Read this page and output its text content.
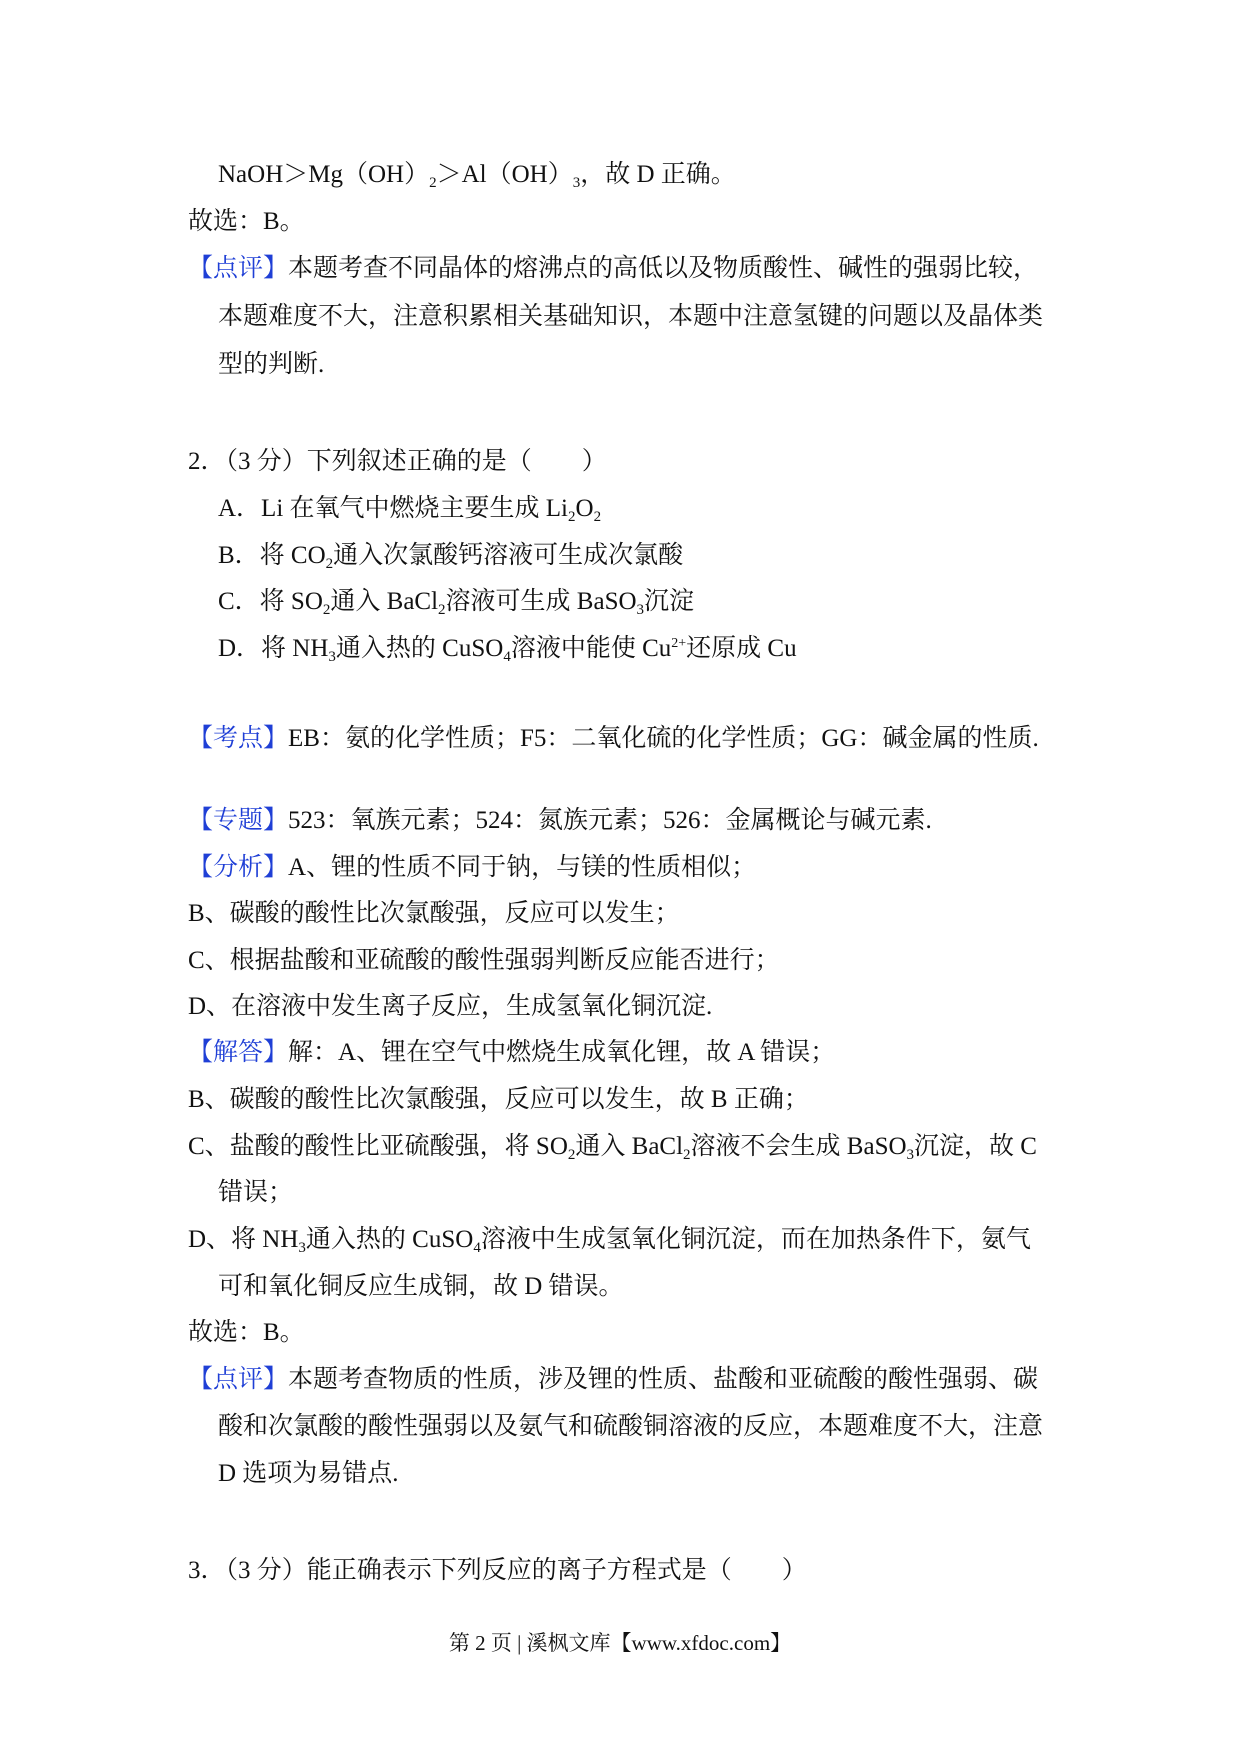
$NaOH>Mg(OH)_2>Al(OH)_3$，故 D 正确。
故选：B。
【点评】本题考查不同晶体的熔沸点的高低以及物质酸性、碱性的强弱比较，
本题难度不大，注意积累相关基础知识，本题中注意氢键的问题以及晶体类
型的判断.
2．（3 分）下列叙述正确的是（　　）
A．Li 在氧气中燃烧主要生成 $Li_2O_2$
B．将 $CO_2$通入次氯酸钙溶液可生成次氯酸
C．将 $SO_2$通入 BaCl$_2$溶液可生成 BaSO$_3$沉淀
D．将 $NH_3$通入热的 CuSO$_4$溶液中能使 $Cu^{2+}$还原成 Cu
【考点】EB：氨的化学性质；F5：二氧化硫的化学性质；GG：碱金属的性质.
【专题】523：氧族元素；524：氮族元素；526：金属概论与碱元素.
【分析】A、锂的性质不同于钠，与镁的性质相似；
B、碳酸的酸性比次氯酸强，反应可以发生；
C、根据盐酸和亚硫酸的酸性强弱判断反应能否进行；
D、在溶液中发生离子反应，生成氢氧化铜沉淀.
【解答】解：A、锂在空气中燃烧生成氧化锂，故 A 错误；
B、碳酸的酸性比次氯酸强，反应可以发生，故 B 正确；
C、盐酸的酸性比亚硫酸强，将 $SO_2$通入 BaCl$_2$溶液不会生成 BaSO$_3$沉淀，故 C
错误；
D、将 $NH_3$通入热的 CuSO$_4$溶液中生成氢氧化铜沉淀，而在加热条件下，氨气
可和氧化铜反应生成铜，故 D 错误。
故选：B。
【点评】本题考查物质的性质，涉及锂的性质、盐酸和亚硫酸的酸性强弱、碳
酸和次氯酸的酸性强弱以及氨气和硫酸铜溶液的反应，本题难度不大，注意
D 选项为易错点.
3．（3 分）能正确表示下列反应的离子方程式是（　　）
第 2 页 | 溪枫文库【www.xfdoc.com】
